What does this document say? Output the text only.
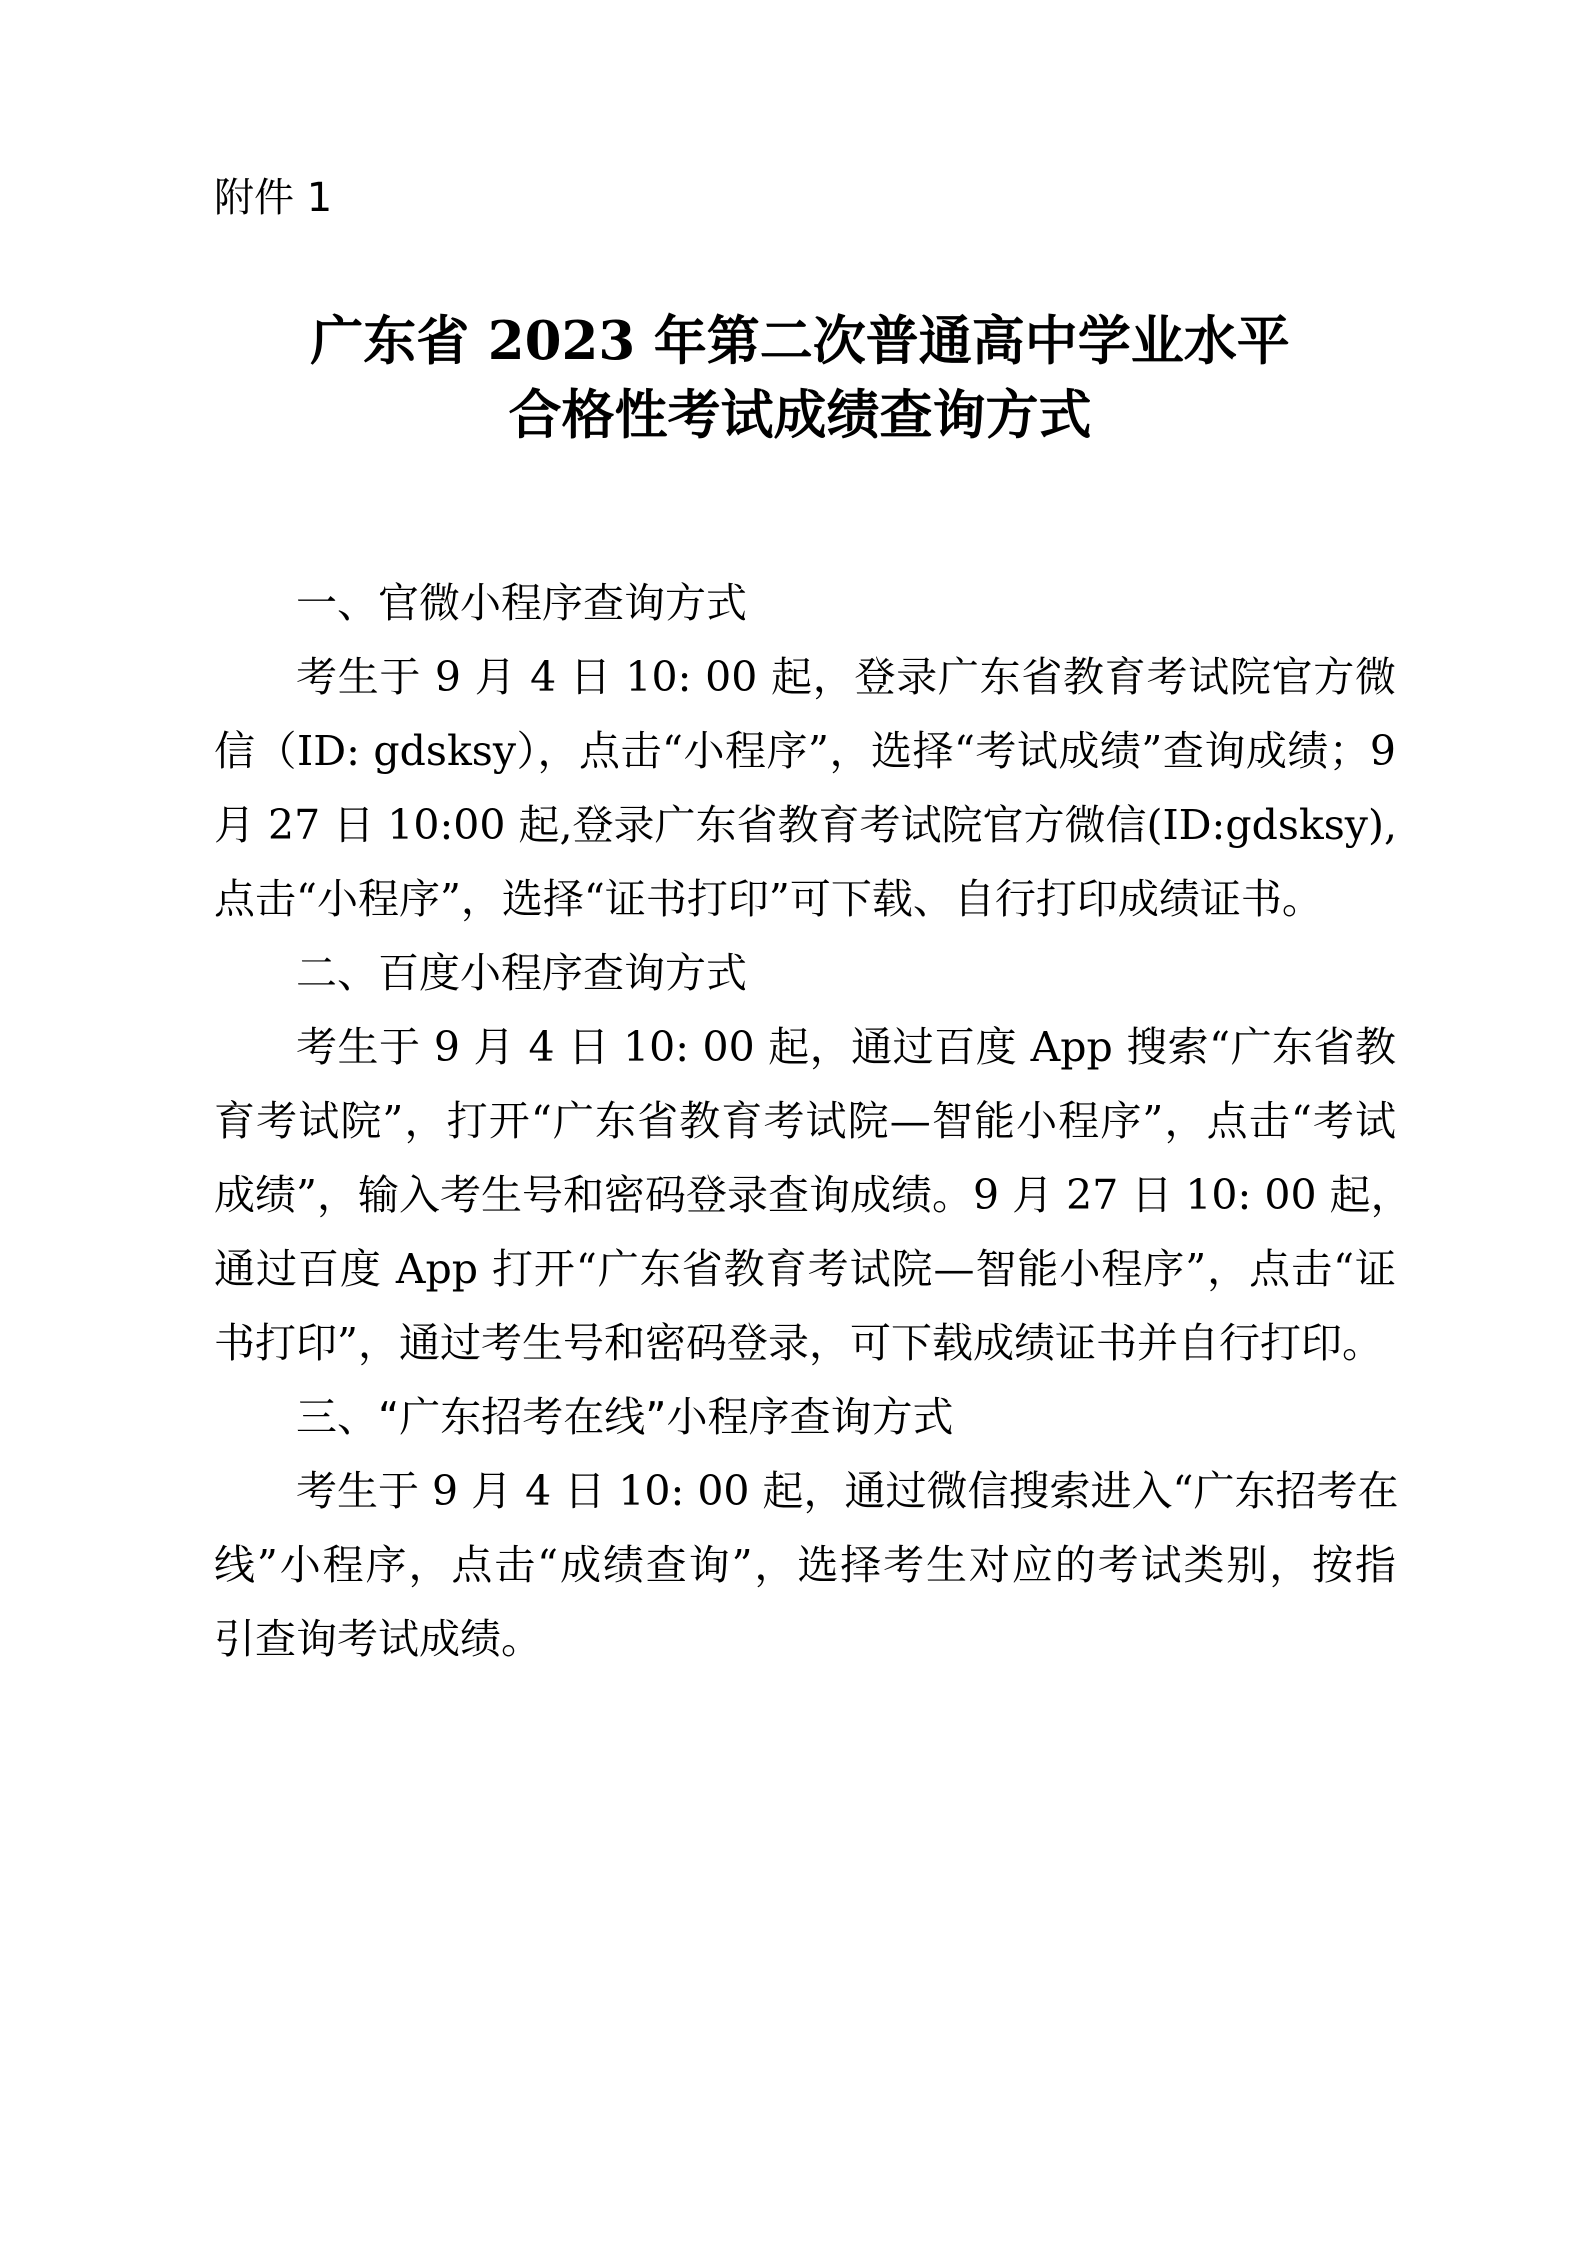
附件 1
广东省 2023 年第二次普通高中学业水平
合格性考试成绩查询方式
一、官微小程序查询方式
考生于 9 月 4 日 10: 00 起，登录广东省教育考试院官方微
信（ID: gdsksy），点击“小程序”，选择“考试成绩”查询成绩；9
月 27 日 10:00 起,登录广东省教育考试院官方微信(ID:gdsksy),
点击“小程序”，选择“证书打印”可下载、自行打印成绩证书。
二、百度小程序查询方式
考生于 9 月 4 日 10: 00 起，通过百度 App 搜索“广东省教
育考试院”，打开“广东省教育考试院—智能小程序”，点击“考试
成绩”，输入考生号和密码登录查询成绩。9 月 27 日 10: 00 起，
通过百度 App 打开“广东省教育考试院—智能小程序”，点击“证
书打印”，通过考生号和密码登录，可下载成绩证书并自行打印。
三、“广东招考在线”小程序查询方式
考生于 9 月 4 日 10: 00 起，通过微信搜索进入“广东招考在
线”小程序，点击“成绩查询”，选择考生对应的考试类别，按指
引查询考试成绩。
